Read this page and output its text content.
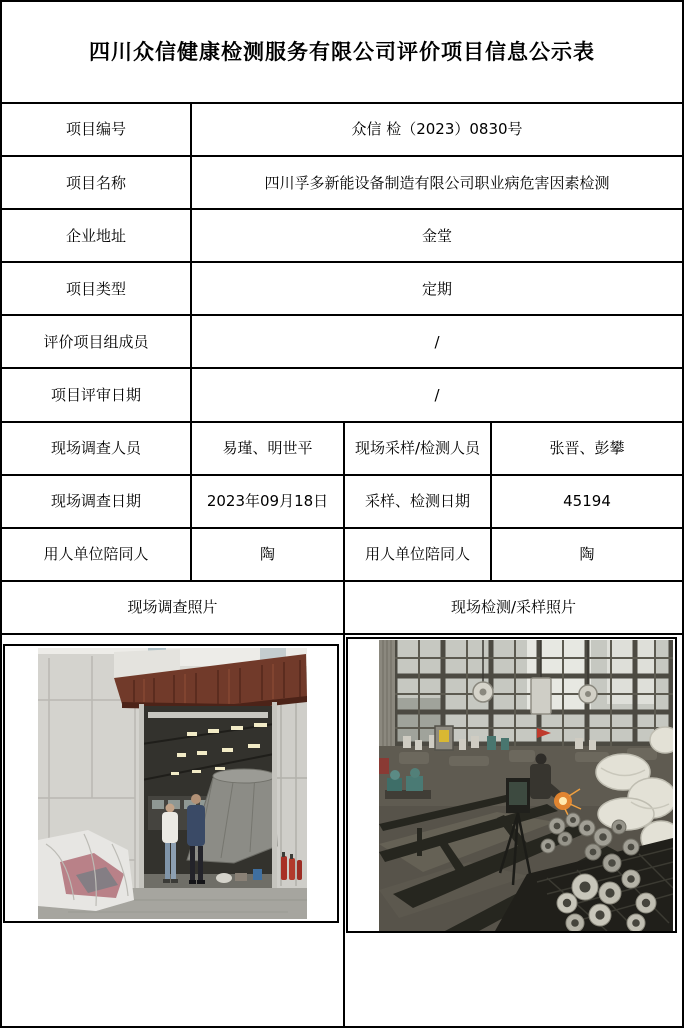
四川众信健康检测服务有限公司评价项目信息公示表
项目编号	众信 检（2023）0830号
项目名称	四川孚多新能设备制造有限公司职业病危害因素检测
企业地址	金堂
项目类型	定期
评价项目组成员	/
项目评审日期	/
现场调查人员	易瑾、明世平	现场采样/检测人员	张晋、彭攀
现场调查日期	2023年09月18日	采样、检测日期	45194
用人单位陪同人	陶	用人单位陪同人	陶
现场调查照片	现场检测/采样照片
